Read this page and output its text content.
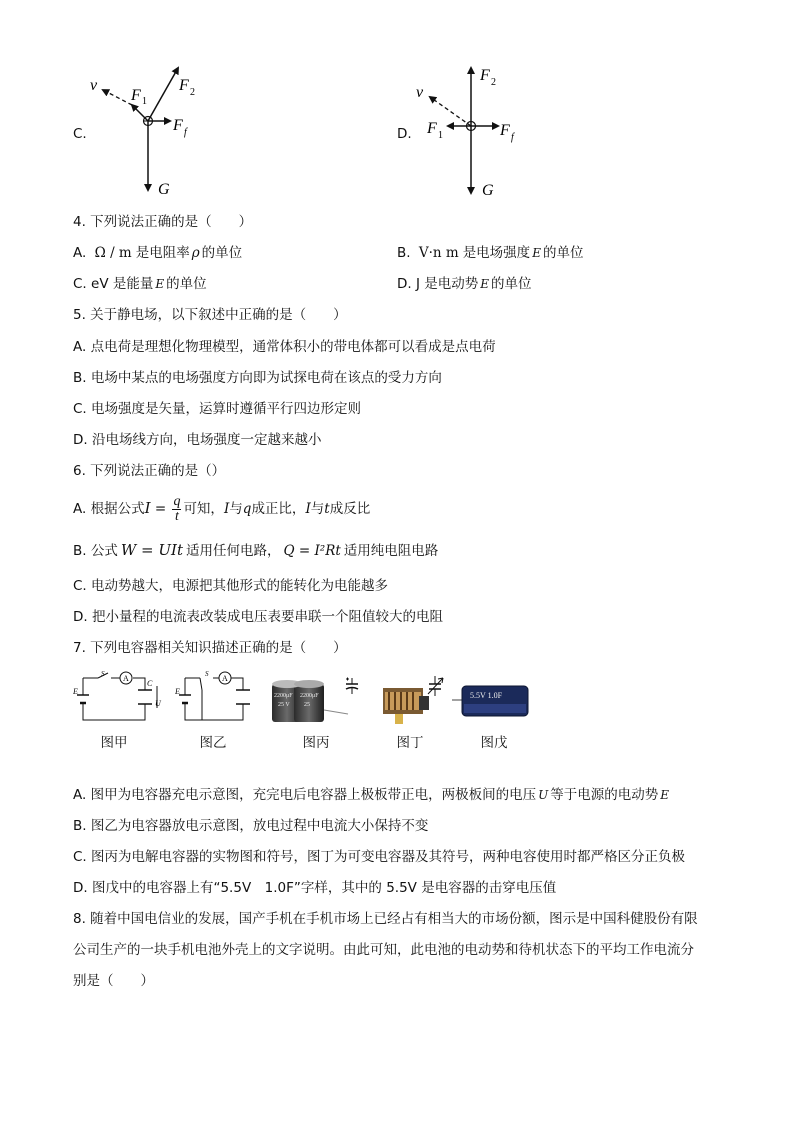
C.
v
F 1
F 2
F f
G
D.
v
F 1
F 2
F f
G
4. 下列说法正确的是（　　）
A. Ω / m 是电阻率 ρ 的单位	B. V·n m 是电场强度 E 的单位
C. eV 是能量 E 的单位	D. J 是电动势 E 的单位
5. 关于静电场，以下叙述中正确的是（　　）
A. 点电荷是理想化物理模型，通常体积小的带电体都可以看成是点电荷
B. 电场中某点的电场强度方向即为试探电荷在该点的受力方向
C. 电场强度是矢量，运算时遵循平行四边形定则
D. 沿电场线方向，电场强度一定越来越小
6. 下列说法正确的是（）
A. 根据公式$I = \frac{q}{t}$ 可知，I与q成正比，I与t成反比
B. 公式 W = UIt 适用任何电路， Q = I²Rt 适用纯电阻电路
C. 电动势越大，电源把其他形式的能转化为电能越多
D. 把小量程的电流表改装成电压表要串联一个阻值较大的电阻
7. 下列电容器相关知识描述正确的是（　　）
A
S
E
C
U
A
S
E	2200μF
25 V
2200μF
25
5.5V 1.0F
图甲	图乙	图丙	图丁	图戊
A. 图甲为电容器充电示意图，充完电后电容器上极板带正电，两极板间的电压 U 等于电源的电动势 E
B. 图乙为电容器放电示意图，放电过程中电流大小保持不变
C. 图丙为电解电容器的实物图和符号，图丁为可变电容器及其符号，两种电容使用时都严格区分正负极
D. 图戊中的电容器上有“5.5V　1.0F”字样，其中的 5.5V 是电容器的击穿电压值
8. 随着中国电信业的发展，国产手机在手机市场上已经占有相当大的市场份额，图示是中国科健股份有限
公司生产的一块手机电池外壳上的文字说明。由此可知，此电池的电动势和待机状态下的平均工作电流分
别是（　　）
